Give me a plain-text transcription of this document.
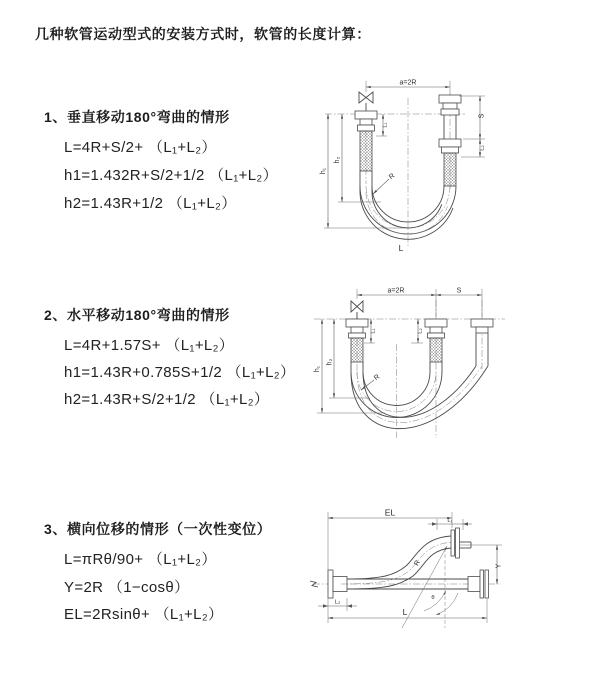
几种软管运动型式的安装方式时，软管的长度计算：
1、垂直移动180°弯曲的情形
L=4R+S/2+ （L₁+L₂）
h1=1.432R+S/2+1/2 （L₁+L₂）
h2=1.43R+1/2 （L₁+L₂）
2、水平移动180°弯曲的情形
L=4R+1.57S+ （L₁+L₂）
h1=1.43R+0.785S+1/2 （L₁+L₂）
h2=1.43R+S/2+1/2 （L₁+L₂）
3、横向位移的情形（一次性变位）
L=πRθ/90+ （L₁+L₂）
Y=2R （1−cosθ）
EL=2Rsinθ+ （L₁+L₂）
a=2R
S
L₂
L₁
h₁
h₂
R
L
a=2R	S
h₁
h₂
L₁	L₂
R
EL
L₁
Y
R
θ
L₂
L
